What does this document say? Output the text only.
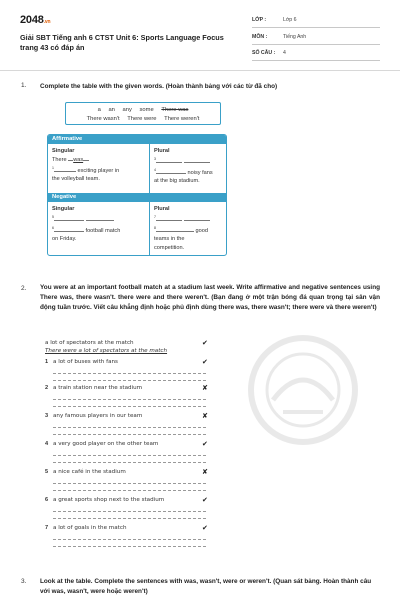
2048.vn
Giải SBT Tiếng anh 6 CTST Unit 6: Sports Language Focus trang 43 có đáp án
LỚP :	Lớp 6
MÔN :	Tiếng Anh
SỐ CÂU : 4
1. Complete the table with the given words. (Hoàn thành bảng với các từ đã cho)
a an any some There was
There wasn't There were There weren't
Affirmative
Singular
There was
$^1$	exciting player in
the volleyball team.
Plural
$^3$
$^4$	noisy fans
at the big stadium.
Negative
Singular
$^5$
$^6$	football match
on Friday.
Plural
$^7$
$^8$	good
teams in the
competition.
2. You were at an important football match at a stadium last week. Write affirmative and negative sentences using There was, there wasn't. there were and there weren't. (Bạn đang ở một trận bóng đá quan trọng tại sân vận động tuần trước. Viết câu khẳng định hoặc phủ định dùng there was, there wasn't; there were và there weren't)
a lot of spectators at the match	✔
There were a lot of spectators at the match
1 a lot of buses with fans	✔
2 a train station near the stadium	✘
3 any famous players in our team	✘
4 a very good player on the other team	✔
5 a nice café in the stadium	✘
6 a great sports shop next to the stadium	✔
7 a lot of goals in the match	✔
3. Look at the table. Complete the sentences with was, wasn't, were or weren't. (Quan sát bảng. Hoàn thành câu với was, wasn't, were hoặc weren't)
